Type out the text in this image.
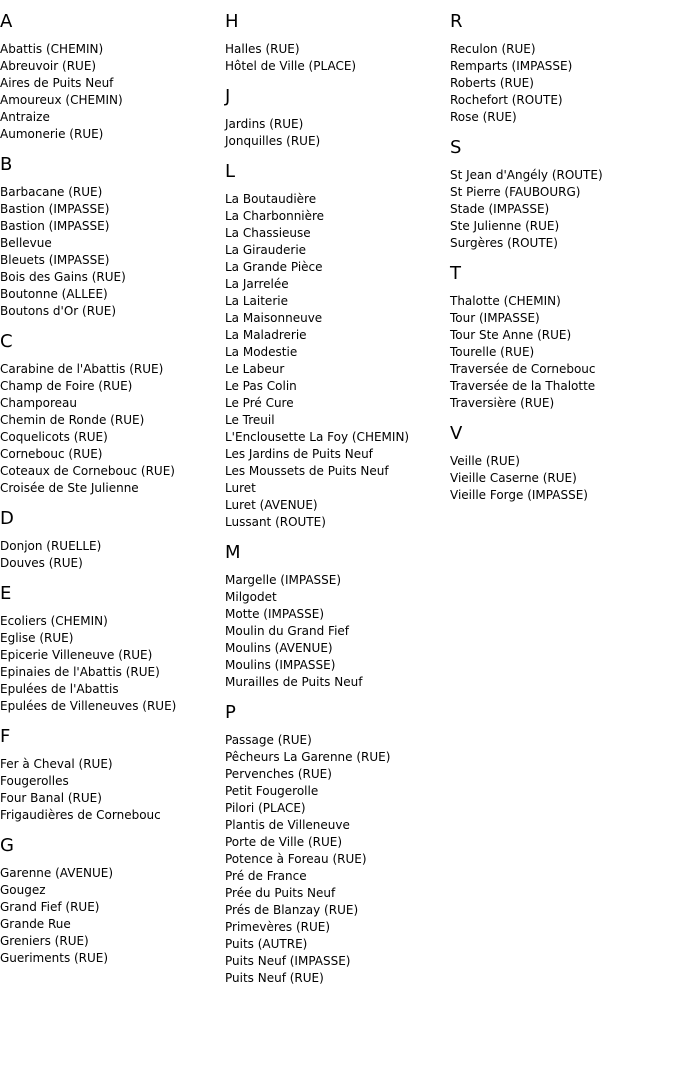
A
Abattis (CHEMIN)
Abreuvoir (RUE)
Aires de Puits Neuf
Amoureux (CHEMIN)
Antraize
Aumonerie (RUE)
B
Barbacane (RUE)
Bastion (IMPASSE)
Bastion (IMPASSE)
Bellevue
Bleuets (IMPASSE)
Bois des Gains (RUE)
Boutonne (ALLEE)
Boutons d'Or (RUE)
C
Carabine de l'Abattis (RUE)
Champ de Foire (RUE)
Champoreau
Chemin de Ronde (RUE)
Coquelicots (RUE)
Cornebouc (RUE)
Coteaux de Cornebouc (RUE)
Croisée de Ste Julienne
D
Donjon (RUELLE)
Douves (RUE)
E
Ecoliers (CHEMIN)
Eglise (RUE)
Epicerie Villeneuve (RUE)
Epinaies de l'Abattis (RUE)
Epulées de l'Abattis
Epulées de Villeneuves (RUE)
F
Fer à Cheval (RUE)
Fougerolles
Four Banal (RUE)
Frigaudières de Cornebouc
G
Garenne (AVENUE)
Gougez
Grand Fief (RUE)
Grande Rue
Greniers (RUE)
Gueriments (RUE)
H
Halles (RUE)
Hôtel de Ville (PLACE)
J
Jardins (RUE)
Jonquilles (RUE)
L
La Boutaudière
La Charbonnière
La Chassieuse
La Girauderie
La Grande Pièce
La Jarrelée
La Laiterie
La Maisonneuve
La Maladrerie
La Modestie
Le Labeur
Le Pas Colin
Le Pré Cure
Le Treuil
L'Enclousette La Foy (CHEMIN)
Les Jardins de Puits Neuf
Les Moussets de Puits Neuf
Luret
Luret (AVENUE)
Lussant (ROUTE)
M
Margelle (IMPASSE)
Milgodet
Motte (IMPASSE)
Moulin du Grand Fief
Moulins (AVENUE)
Moulins (IMPASSE)
Murailles de Puits Neuf
P
Passage (RUE)
Pêcheurs La Garenne (RUE)
Pervenches (RUE)
Petit Fougerolle
Pilori (PLACE)
Plantis de Villeneuve
Porte de Ville (RUE)
Potence à Foreau (RUE)
Pré de France
Prée du Puits Neuf
Prés de Blanzay (RUE)
Primevères (RUE)
Puits (AUTRE)
Puits Neuf (IMPASSE)
Puits Neuf (RUE)
R
Reculon (RUE)
Remparts (IMPASSE)
Roberts (RUE)
Rochefort (ROUTE)
Rose (RUE)
S
St Jean d'Angély (ROUTE)
St Pierre (FAUBOURG)
Stade (IMPASSE)
Ste Julienne (RUE)
Surgères (ROUTE)
T
Thalotte (CHEMIN)
Tour (IMPASSE)
Tour Ste Anne (RUE)
Tourelle (RUE)
Traversée de Cornebouc
Traversée de la Thalotte
Traversière (RUE)
V
Veille (RUE)
Vieille Caserne (RUE)
Vieille Forge (IMPASSE)
